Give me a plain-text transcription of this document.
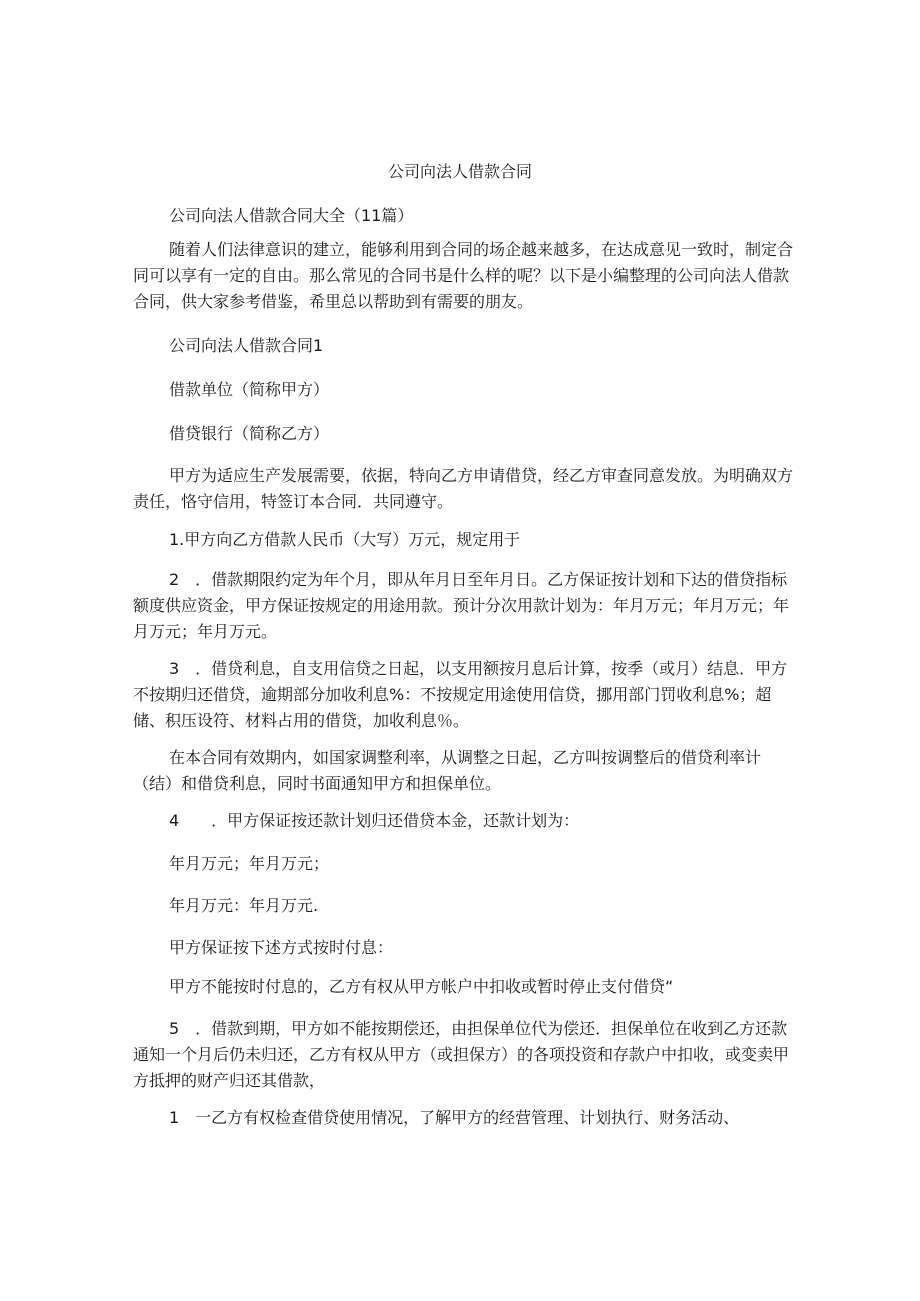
公司向法人借款合同

公司向法人借款合同大全（11篇）

随着人们法律意识的建立，能够利用到合同的场企越来越多，在达成意见一致时，制定合同可以享有一定的自由。那么常见的合同书是什么样的呢？以下是小编整理的公司向法人借款合同，供大家参考借鉴，希里总以帮助到有需要的朋友。

公司向法人借款合同1

借款单位（简称甲方）

借贷银行（简称乙方）

甲方为适应生产发展需要，依据，特向乙方申请借贷，经乙方审查同意发放。为明确双方责任，恪守信用，特签订本合同．共同遵守。

1.甲方向乙方借款人民币（大写）万元，规定用于

2　．借款期限约定为年个月，即从年月日至年月日。乙方保证按计划和下达的借贷指标额度供应资金，甲方保证按规定的用途用款。预计分次用款计划为：年月万元；年月万元；年月万元；年月万元。

3　．借贷利息，自支用信贷之日起，以支用额按月息后计算，按季（或月）结息．甲方不按期归还借贷，逾期部分加收利息%：不按规定用途使用信贷，挪用部门罚收利息%；超储、积压设符、材料占用的借贷，加收利息％。

在本合同有效期内，如国家调整利率，从调整之日起，乙方叫按调整后的借贷利率计（结）和借贷利息，同时书面通知甲方和担保单位。

4　　．甲方保证按还款计划归还借贷本金，还款计划为：

年月万元；年月万元；

年月万元：年月万元.

甲方保证按下述方式按时付息：

甲方不能按时付息的，乙方有权从甲方帐户中扣收或暂时停止支付借贷“

5　．借款到期，甲方如不能按期偿还，由担保单位代为偿还．担保单位在收到乙方还款通知一个月后仍未归还，乙方有权从甲方（或担保方）的各项投资和存款户中扣收，或变卖甲方抵押的财产归还其借款，

1　一乙方有权检查借贷使用情况，了解甲方的经营管理、计划执行、财务活动、
